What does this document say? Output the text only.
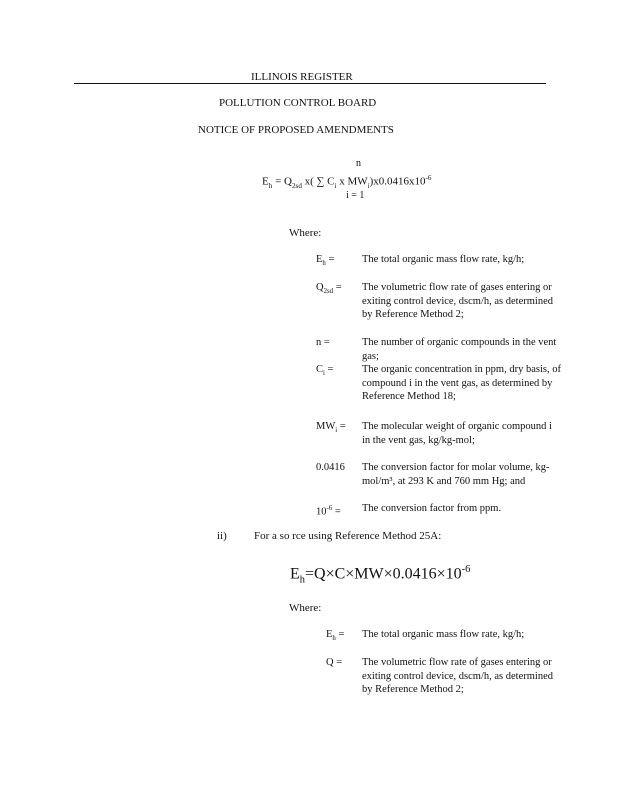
ILLINOIS REGISTER
POLLUTION CONTROL BOARD
NOTICE OF PROPOSED AMENDMENTS
n
$E_h = Q_{2sd}$ x( ∑ $C_i$ x $MW_i)x0.0416x10^{-6}$
i = 1
Where:
$E_h$ =	The total organic mass flow rate, kg/h;
$Q_{2sd}$ = The volumetric flow rate of gases entering or exiting control device, dscm/h, as determined by Reference Method 2;
n =	The number of organic compounds in the vent gas;
$C_i$ =	The organic concentration in ppm, dry basis, of compound i in the vent gas, as determined by Reference Method 18;
$MW_i$ = The molecular weight of organic compound i in the vent gas, kg/kg-mol;
0.0416 The conversion factor for molar volume, kg-mol/m³, at 293 K and 760 mm Hg; and
$10^{-6}$ = The conversion factor from ppm.
ii) For a so rce using Reference Method 25A:
$E_h=Q\times C\times MW\times 0.0416\times 10^{-6}$
Where:
$E_h$ = The total organic mass flow rate, kg/h;
Q = The volumetric flow rate of gases entering or exiting control device, dscm/h, as determined by Reference Method 2;
